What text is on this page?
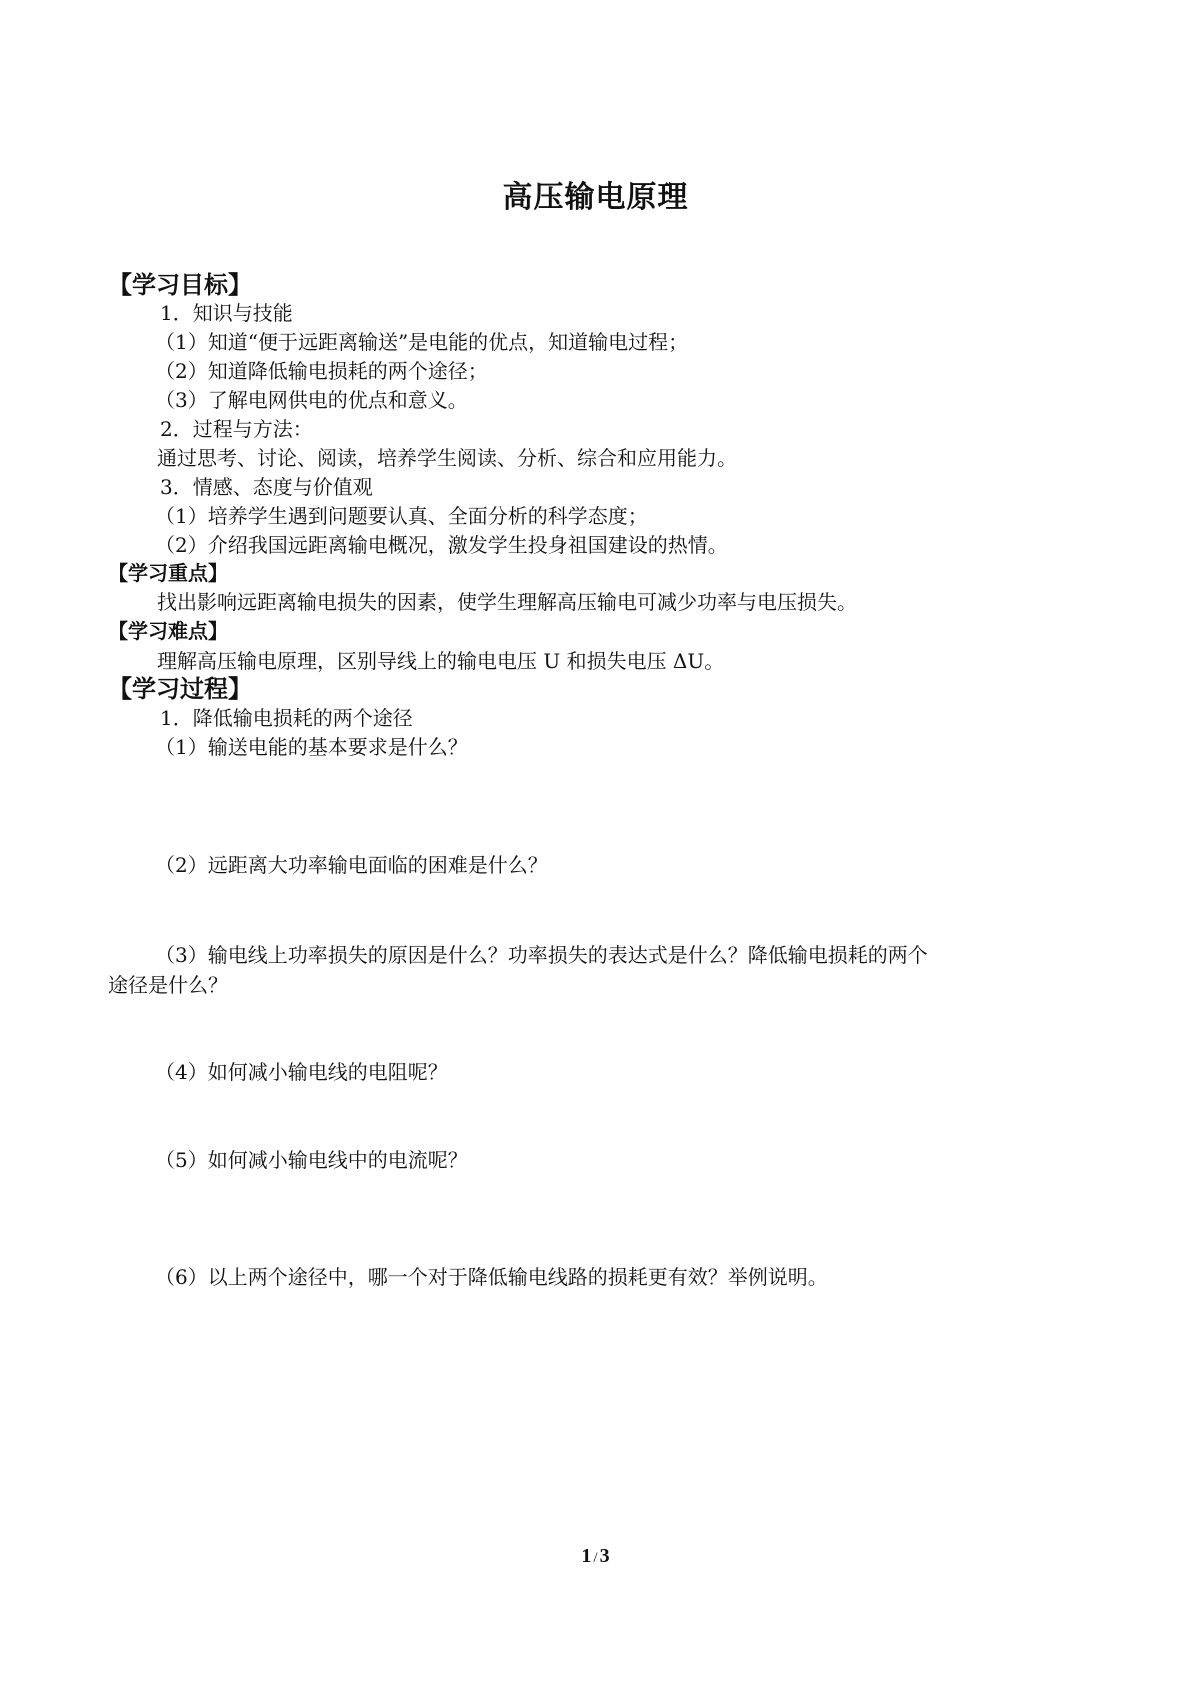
高压输电原理
【学习目标】
1．知识与技能
（1）知道“便于远距离输送”是电能的优点，知道输电过程；
（2）知道降低输电损耗的两个途径；
（3）了解电网供电的优点和意义。
2．过程与方法：
通过思考、讨论、阅读，培养学生阅读、分析、综合和应用能力。
3．情感、态度与价值观
（1）培养学生遇到问题要认真、全面分析的科学态度；
（2）介绍我国远距离输电概况，激发学生投身祖国建设的热情。
【学习重点】
找出影响远距离输电损失的因素，使学生理解高压输电可减少功率与电压损失。
【学习难点】
理解高压输电原理，区别导线上的输电电压 U 和损失电压 ΔU。
【学习过程】
1．降低输电损耗的两个途径
（1）输送电能的基本要求是什么？
（2）远距离大功率输电面临的困难是什么？
（3）输电线上功率损失的原因是什么？功率损失的表达式是什么？降低输电损耗的两个
途径是什么？
（4）如何减小输电线的电阻呢？
（5）如何减小输电线中的电流呢？
（6）以上两个途径中，哪一个对于降低输电线路的损耗更有效？举例说明。
1 / 3
